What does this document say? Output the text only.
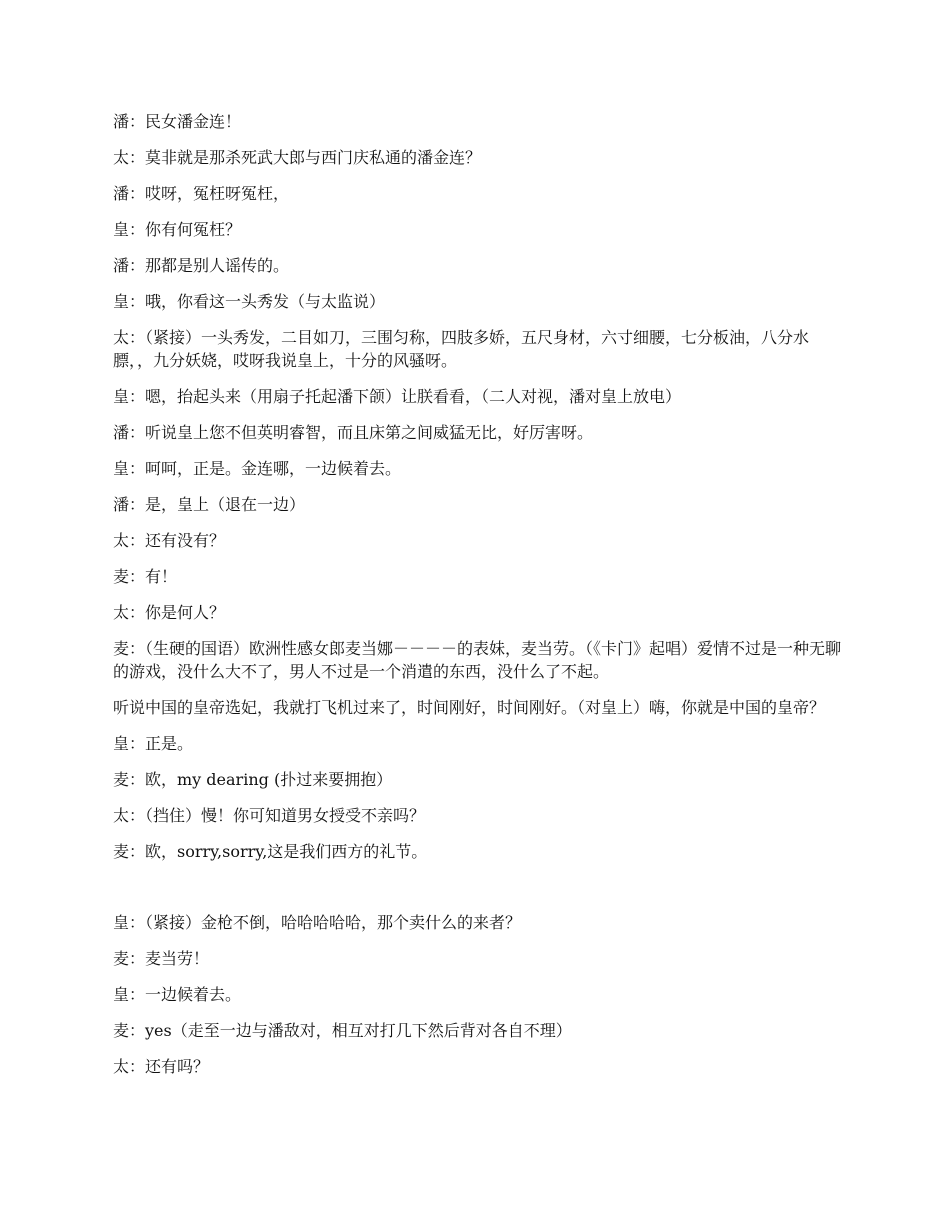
潘：民女潘金连！

太：莫非就是那杀死武大郎与西门庆私通的潘金连？

潘：哎呀，冤枉呀冤枉，

皇：你有何冤枉？

潘：那都是别人谣传的。

皇：哦，你看这一头秀发（与太监说）

太：（紧接）一头秀发，二目如刀，三围匀称，四肢多娇，五尺身材，六寸细腰，七分板油，八分水膘，，九分妖娆，哎呀我说皇上，十分的风骚呀。

皇：嗯，抬起头来（用扇子托起潘下颌）让朕看看，（二人对视，潘对皇上放电）

潘：听说皇上您不但英明睿智，而且床第之间威猛无比，好厉害呀。

皇：呵呵，正是。金连哪，一边候着去。

潘：是，皇上（退在一边）

太：还有没有？

麦：有！

太：你是何人？

麦：（生硬的国语）欧洲性感女郎麦当娜－－－－的表妹，麦当劳。（《卡门》起唱）爱情不过是一种无聊的游戏，没什么大不了，男人不过是一个消遣的东西，没什么了不起。

听说中国的皇帝选妃，我就打飞机过来了，时间刚好，时间刚好。（对皇上）嗨，你就是中国的皇帝？

皇：正是。

麦：欧，my dearing (扑过来要拥抱）

太：（挡住）慢！你可知道男女授受不亲吗？

麦：欧，sorry,sorry,这是我们西方的礼节。

皇：（紧接）金枪不倒，哈哈哈哈哈，那个卖什么的来者？

麦：麦当劳！

皇：一边候着去。

麦：yes（走至一边与潘敌对，相互对打几下然后背对各自不理）

太：还有吗？
